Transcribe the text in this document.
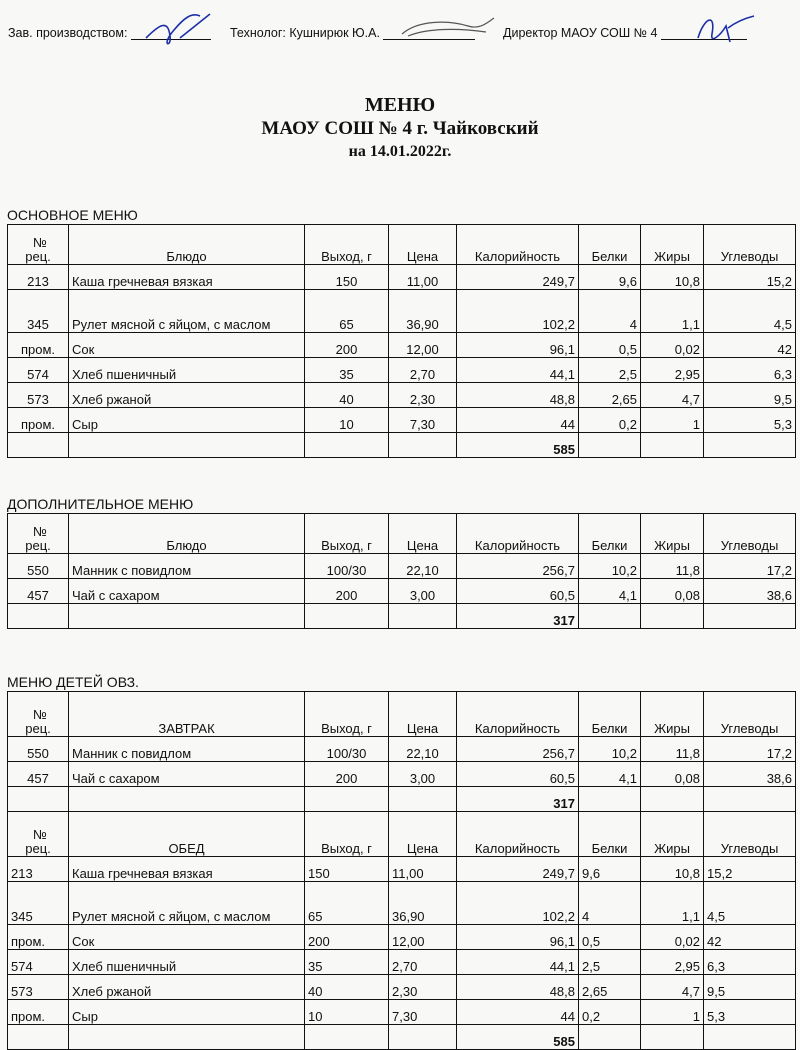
Зав. производством:	Технолог: Кушнирюк Ю.А.	Директор МАОУ СОШ № 4
МЕНЮ
МАОУ СОШ № 4 г. Чайковский
на 14.01.2022г.
ОСНОВНОЕ МЕНЮ
№
рец.	Блюдо	Выход, г	Цена	Калорийность	Белки	Жиры	Углеводы
213	Каша гречневая вязкая	150	11,00	249,7	9,6	10,8	15,2
345	Рулет мясной с яйцом, с маслом	65	36,90	102,2	4	1,1	4,5
пром.	Сок	200	12,00	96,1	0,5	0,02	42
574	Хлеб пшеничный	35	2,70	44,1	2,5	2,95	6,3
573	Хлеб ржаной	40	2,30	48,8	2,65	4,7	9,5
пром.	Сыр	10	7,30	44	0,2	1	5,3
				585			
ДОПОЛНИТЕЛЬНОЕ МЕНЮ
№
рец.	Блюдо	Выход, г	Цена	Калорийность	Белки	Жиры	Углеводы
550	Манник с повидлом	100/30	22,10	256,7	10,2	11,8	17,2
457	Чай с сахаром	200	3,00	60,5	4,1	0,08	38,6
				317			
МЕНЮ ДЕТЕЙ ОВЗ.
№
рец.	ЗАВТРАК	Выход, г	Цена	Калорийность	Белки	Жиры	Углеводы
550	Манник с повидлом	100/30	22,10	256,7	10,2	11,8	17,2
457	Чай с сахаром	200	3,00	60,5	4,1	0,08	38,6
				317			

№
рец.	ОБЕД	Выход, г	Цена	Калорийность	Белки	Жиры	Углеводы
213	Каша гречневая вязкая	150	11,00	249,7	9,6	10,8	15,2
345	Рулет мясной с яйцом, с маслом	65	36,90	102,2	4	1,1	4,5
пром.	Сок	200	12,00	96,1	0,5	0,02	42
574	Хлеб пшеничный	35	2,70	44,1	2,5	2,95	6,3
573	Хлеб ржаной	40	2,30	48,8	2,65	4,7	9,5
пром.	Сыр	10	7,30	44	0,2	1	5,3
				585			
